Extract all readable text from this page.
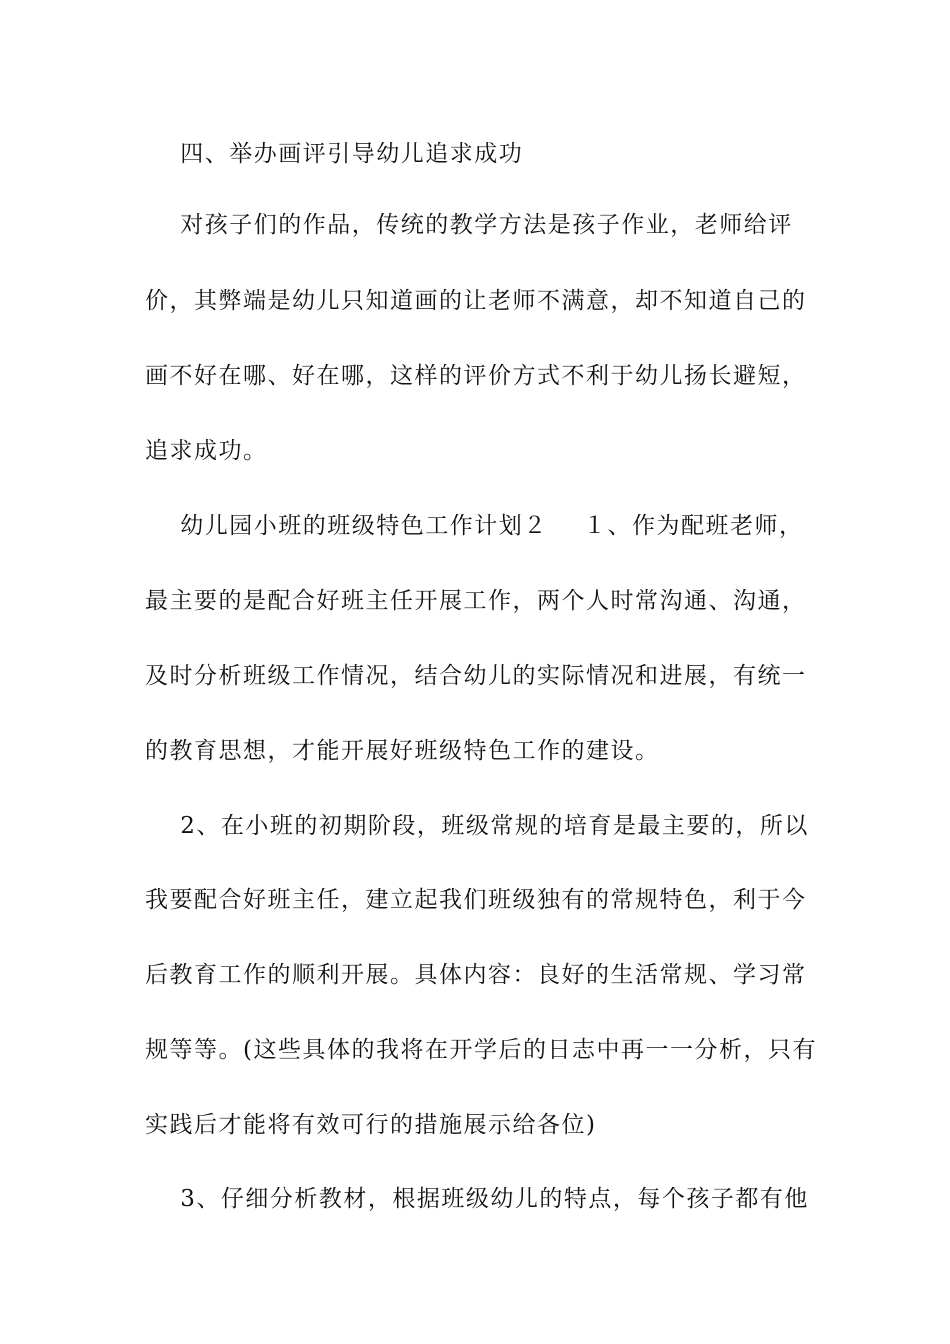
四、举办画评引导幼儿追求成功
对孩子们的作品，传统的教学方法是孩子作业，老师给评
价，其弊端是幼儿只知道画的让老师不满意，却不知道自己的
画不好在哪、好在哪，这样的评价方式不利于幼儿扬长避短，
追求成功。
幼儿园小班的班级特色工作计划２    １、作为配班老师，
最主要的是配合好班主任开展工作，两个人时常沟通、沟通，
及时分析班级工作情况，结合幼儿的实际情况和进展，有统一
的教育思想，才能开展好班级特色工作的建设。
2、在小班的初期阶段，班级常规的培育是最主要的，所以
我要配合好班主任，建立起我们班级独有的常规特色，利于今
后教育工作的顺利开展。具体内容：良好的生活常规、学习常
规等等。(这些具体的我将在开学后的日志中再一一分析，只有
实践后才能将有效可行的措施展示给各位)
3、仔细分析教材，根据班级幼儿的特点，每个孩子都有他
